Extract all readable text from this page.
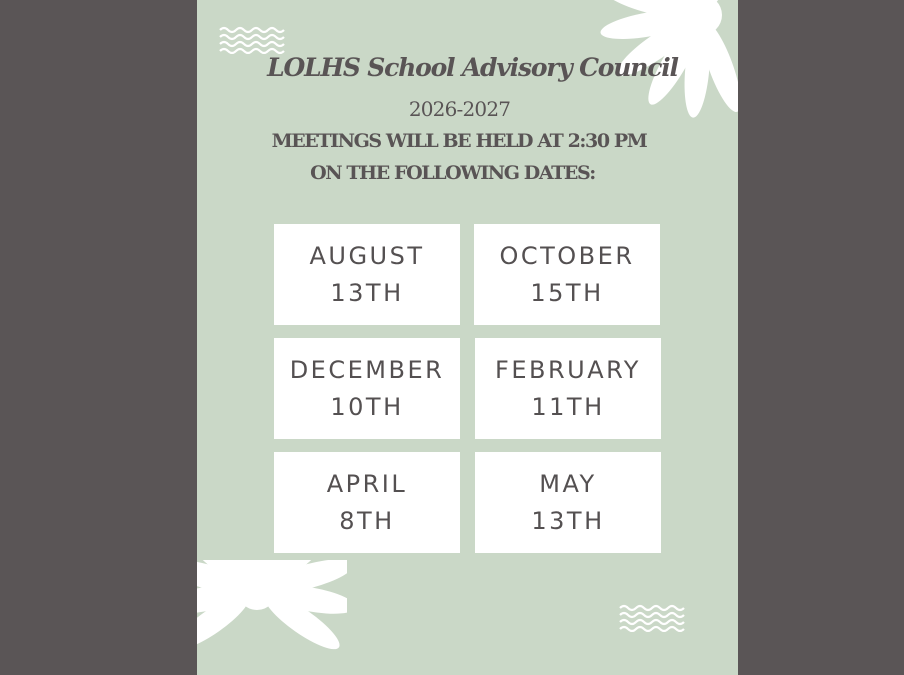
LOLHS School Advisory Council
2026-2027
MEETINGS WILL BE HELD AT 2:30 PM
ON THE FOLLOWING DATES:
AUGUST
13TH
OCTOBER
15TH
DECEMBER
10TH
FEBRUARY
11TH
APRIL
8TH
MAY
13TH
